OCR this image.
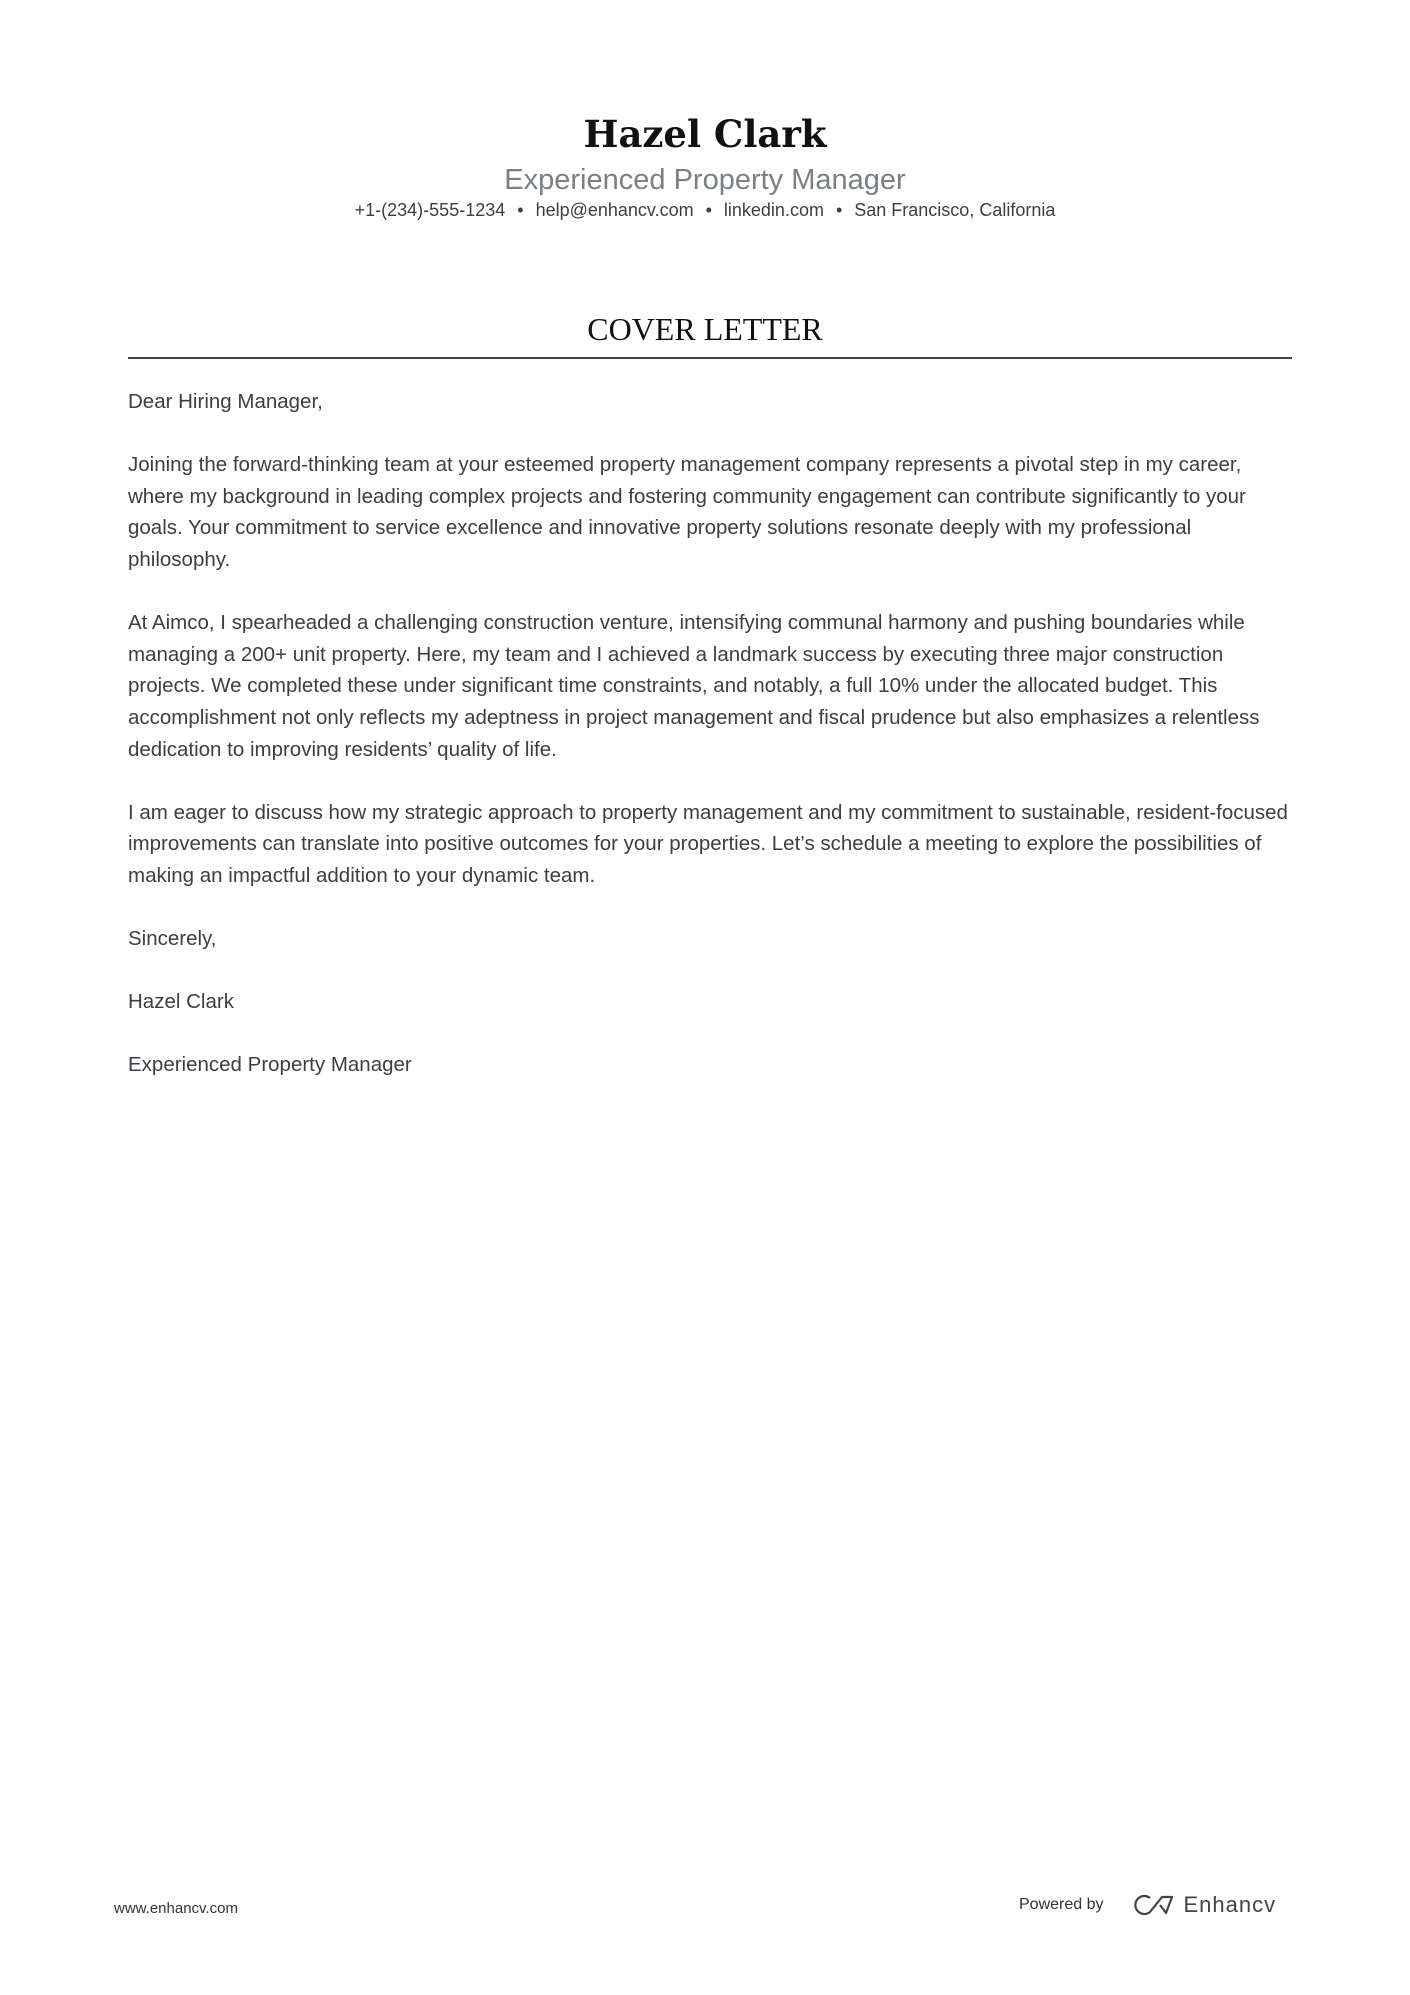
Hazel Clark
Experienced Property Manager
+1-(234)-555-1234 • help@enhancv.com • linkedin.com • San Francisco, California
COVER LETTER

Dear Hiring Manager,

Joining the forward-thinking team at your esteemed property management company represents a pivotal step in my career, where my background in leading complex projects and fostering community engagement can contribute significantly to your goals. Your commitment to service excellence and innovative property solutions resonate deeply with my professional philosophy.

At Aimco, I spearheaded a challenging construction venture, intensifying communal harmony and pushing boundaries while managing a 200+ unit property. Here, my team and I achieved a landmark success by executing three major construction projects. We completed these under significant time constraints, and notably, a full 10% under the allocated budget. This accomplishment not only reflects my adeptness in project management and fiscal prudence but also emphasizes a relentless dedication to improving residents’ quality of life.

I am eager to discuss how my strategic approach to property management and my commitment to sustainable, resident-focused improvements can translate into positive outcomes for your properties. Let’s schedule a meeting to explore the possibilities of making an impactful addition to your dynamic team.

Sincerely,

Hazel Clark

Experienced Property Manager

www.enhancv.com	Powered by	Enhancv
